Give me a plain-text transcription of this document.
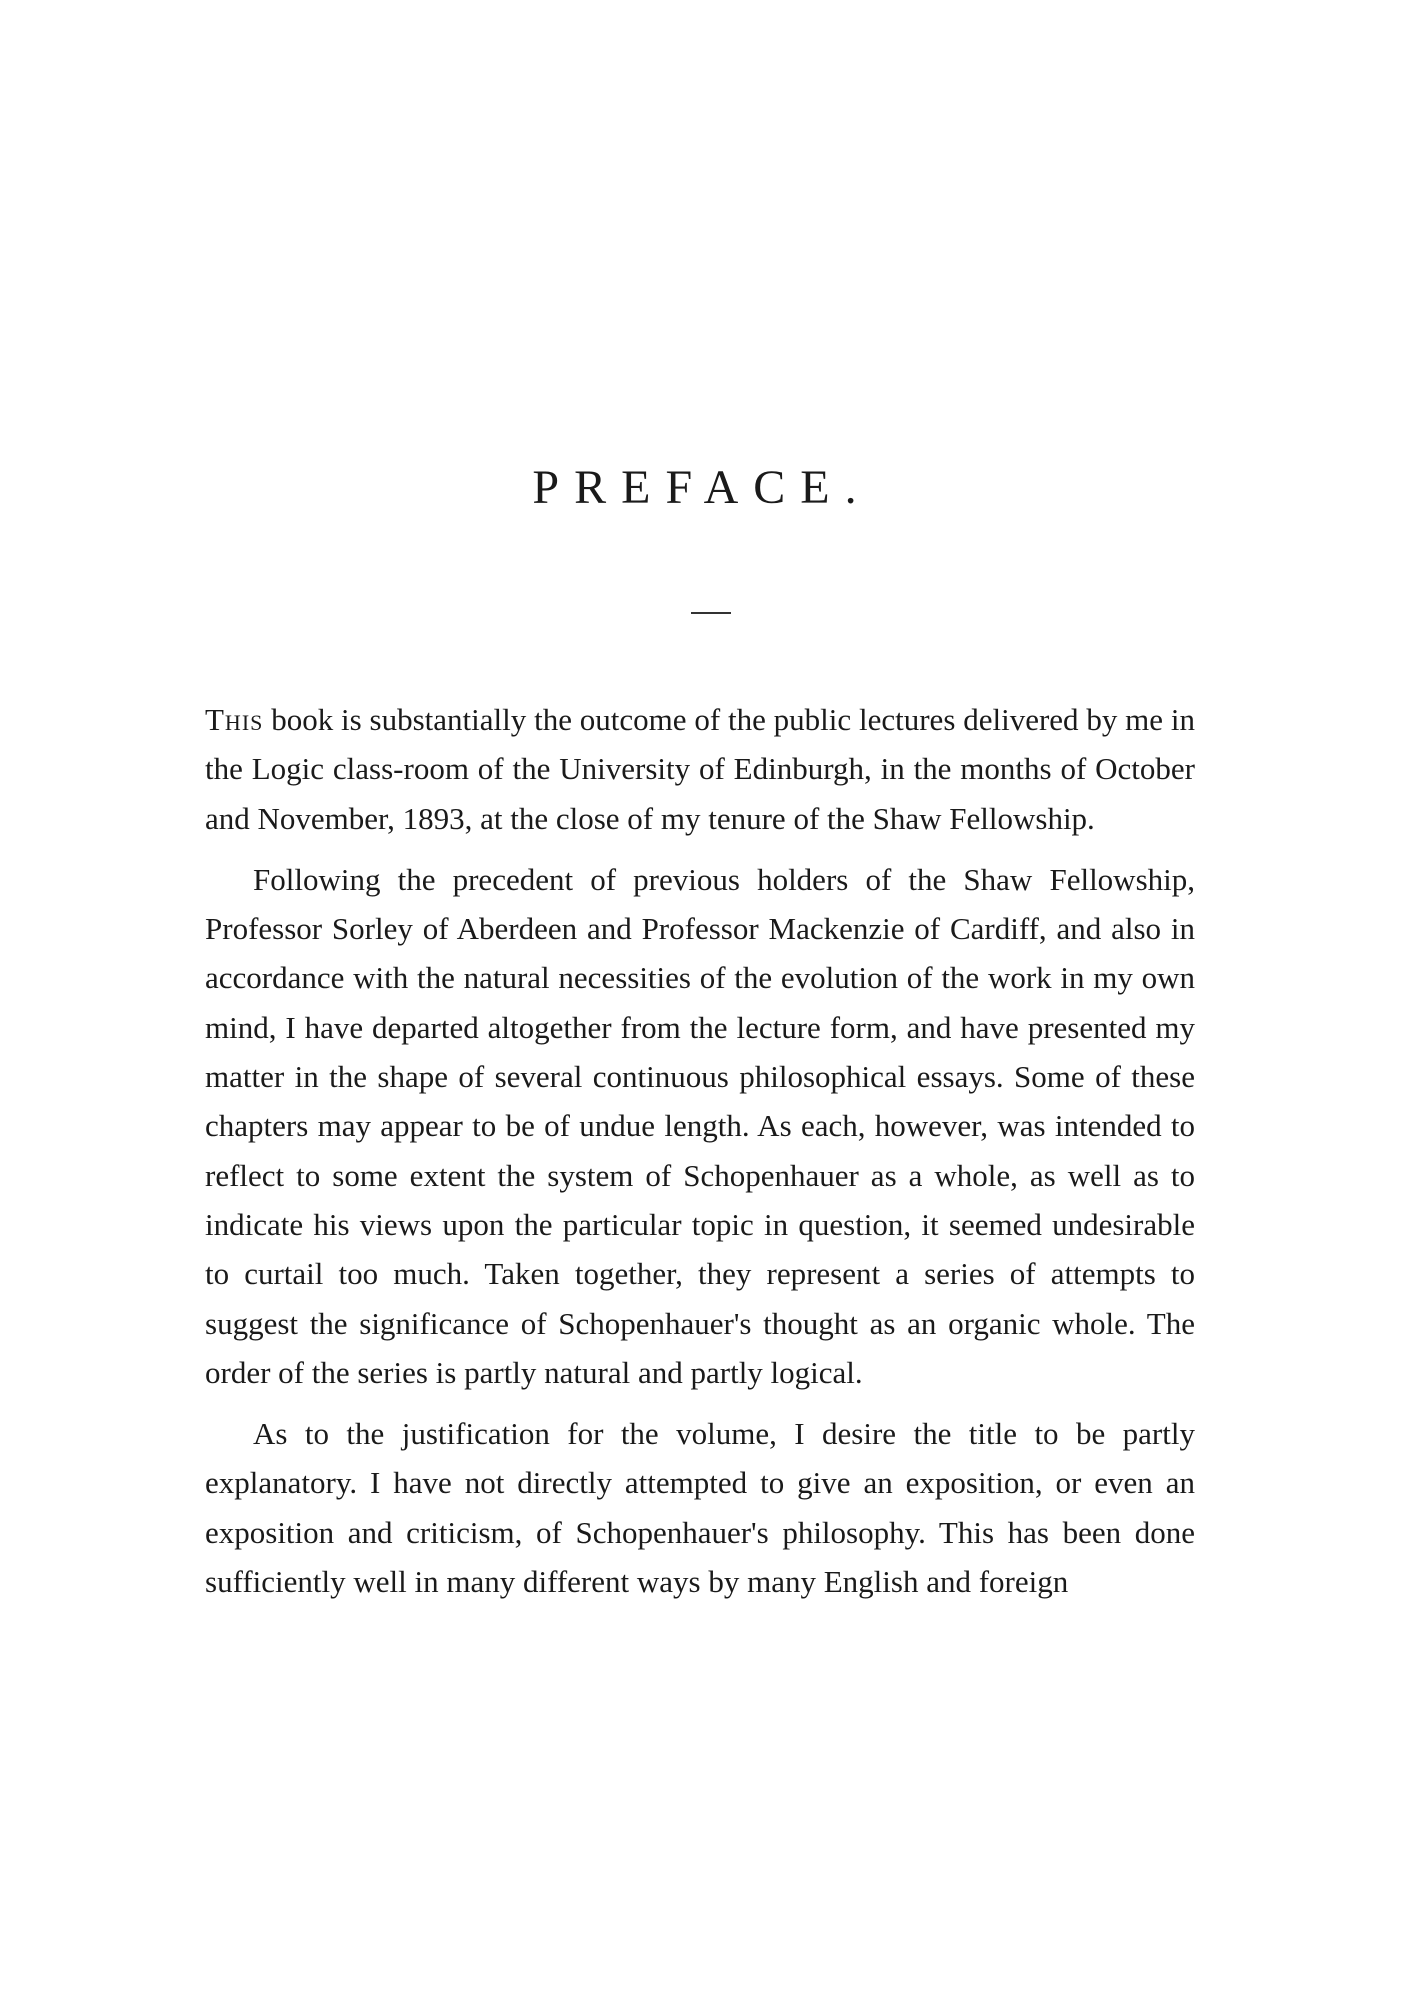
PREFACE.

This book is substantially the outcome of the public lectures delivered by me in the Logic class-room of the University of Edinburgh, in the months of October and November, 1893, at the close of my tenure of the Shaw Fellowship.

Following the precedent of previous holders of the Shaw Fellowship, Professor Sorley of Aberdeen and Professor Mackenzie of Cardiff, and also in accordance with the natural necessities of the evolution of the work in my own mind, I have departed altogether from the lecture form, and have presented my matter in the shape of several continuous philosophical essays. Some of these chapters may appear to be of undue length. As each, however, was intended to reflect to some extent the system of Schopenhauer as a whole, as well as to indicate his views upon the particular topic in question, it seemed undesirable to curtail too much. Taken together, they represent a series of attempts to suggest the significance of Schopenhauer's thought as an organic whole. The order of the series is partly natural and partly logical.

As to the justification for the volume, I desire the title to be partly explanatory. I have not directly attempted to give an exposition, or even an exposition and criticism, of Schopenhauer's philosophy. This has been done sufficiently well in many different ways by many English and foreign
